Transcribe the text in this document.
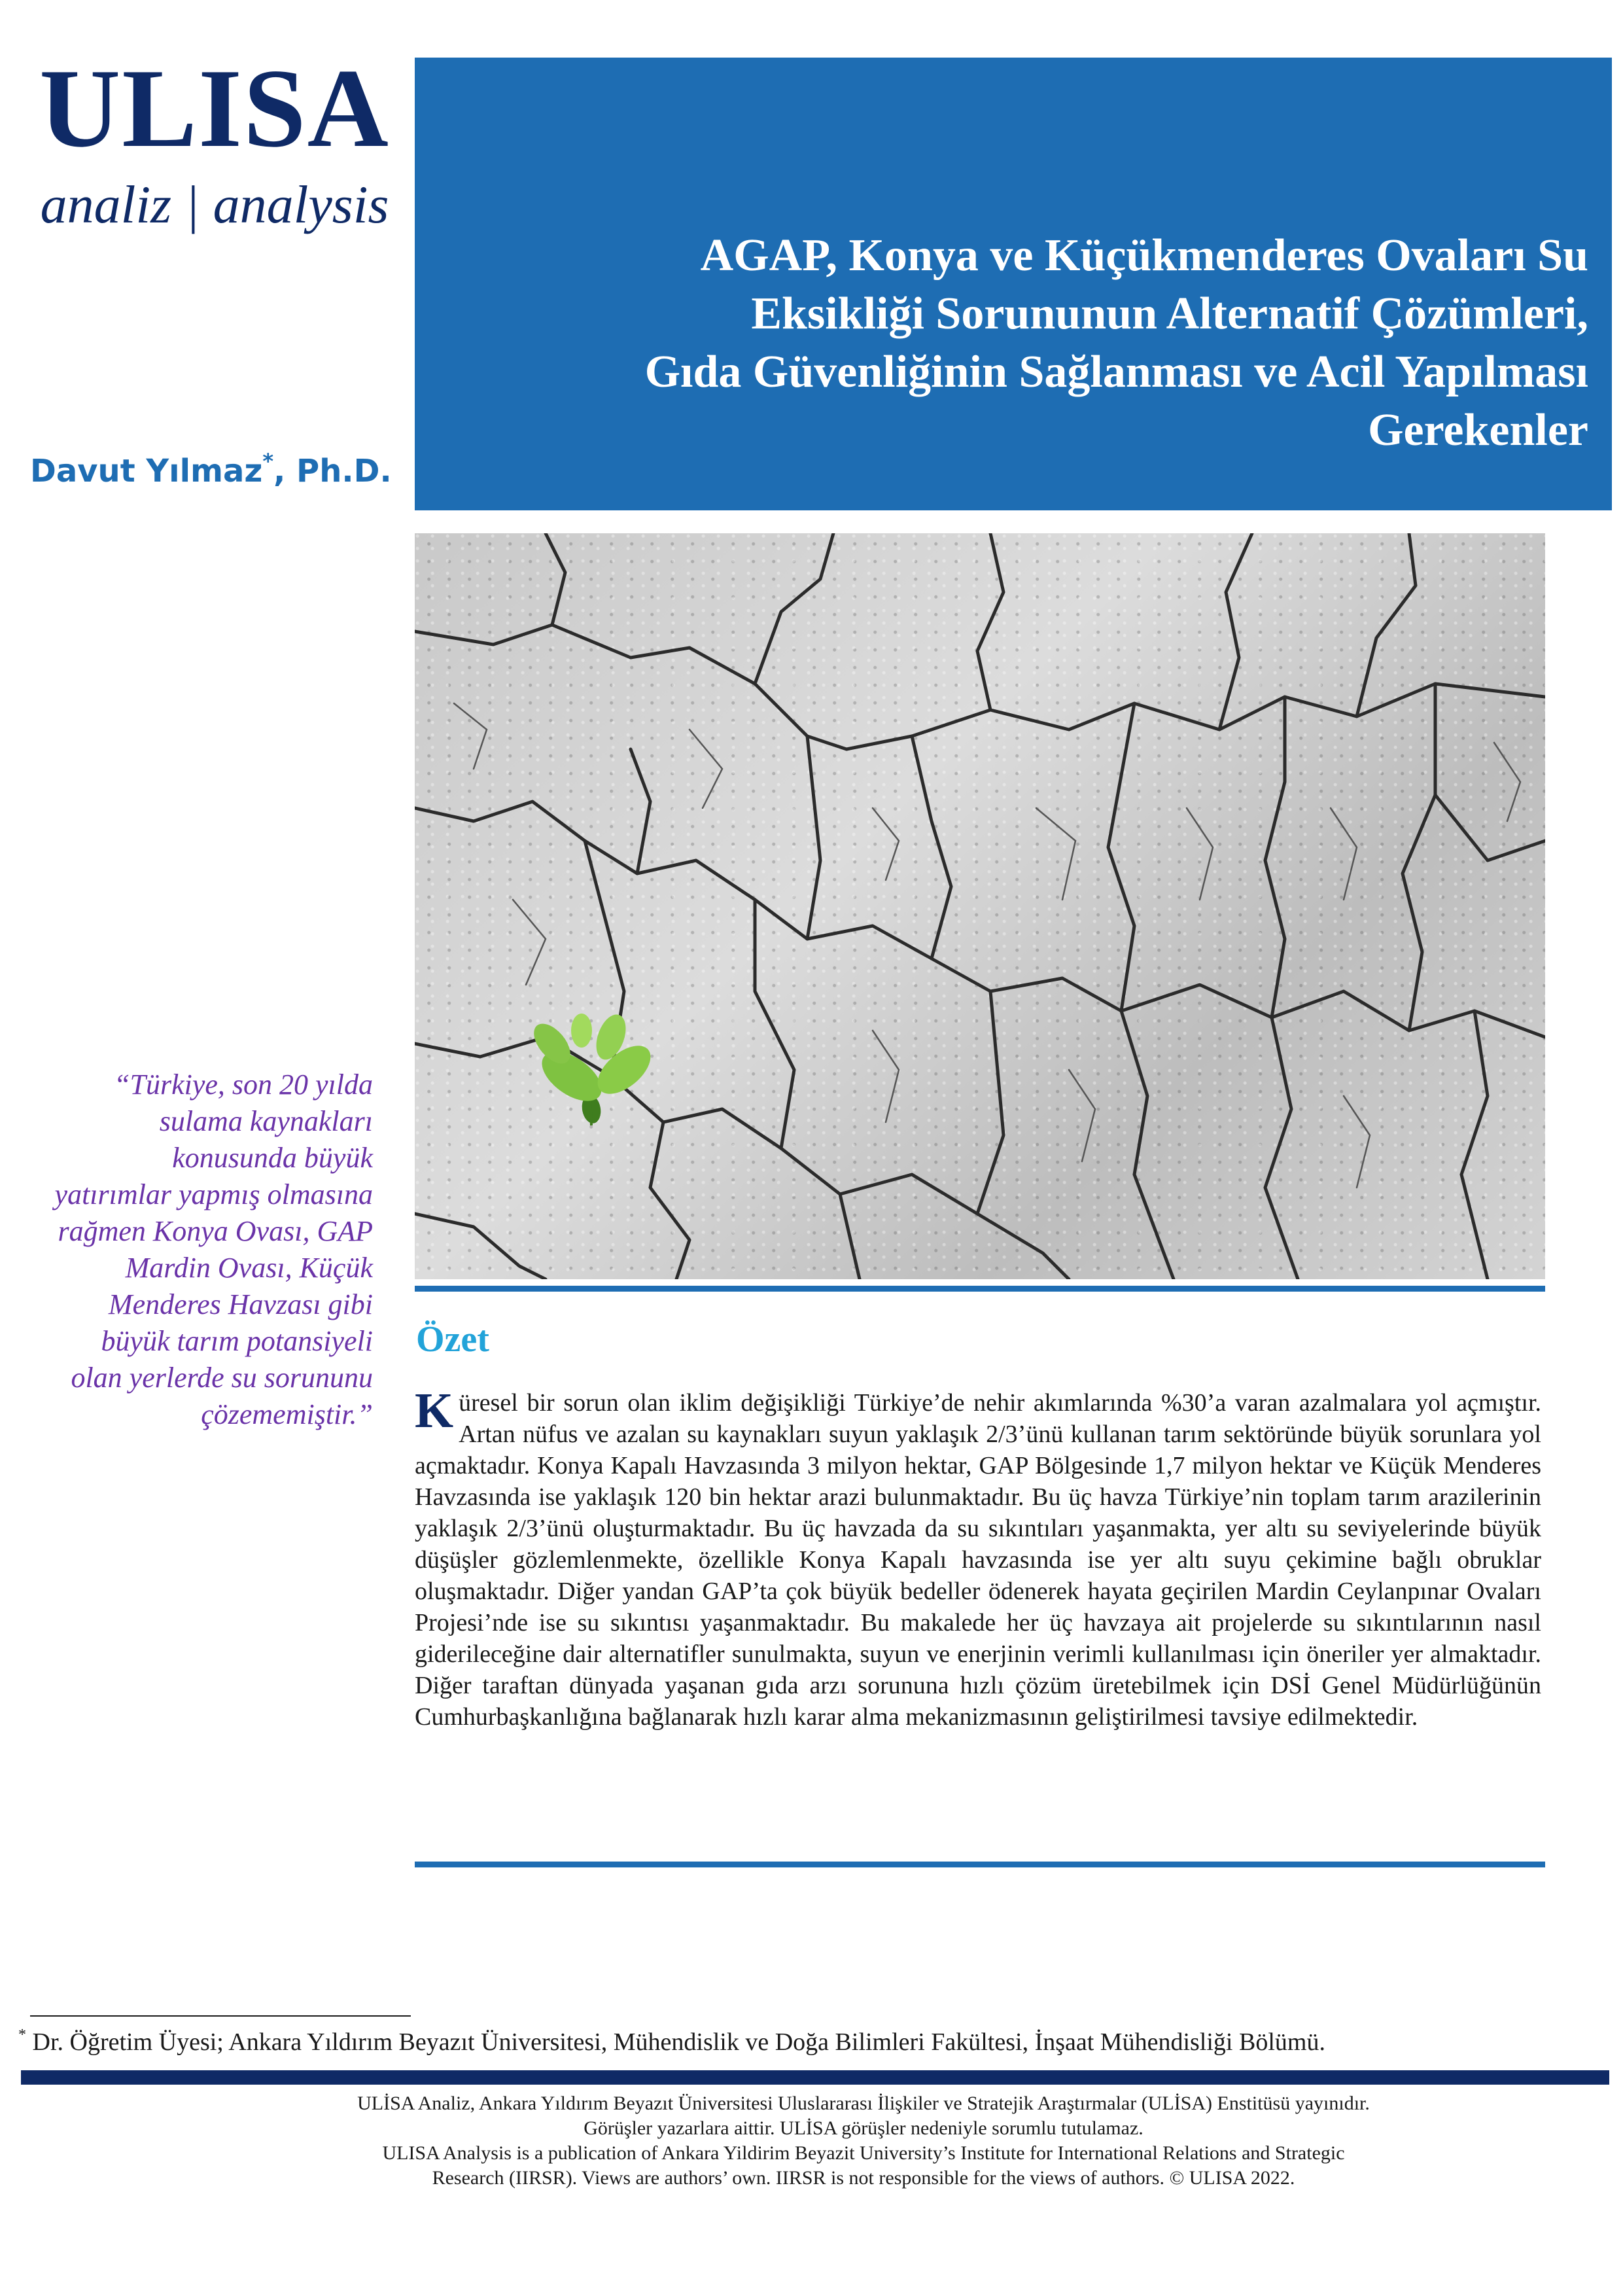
ULISA
analiz | analysis
AGAP, Konya ve Küçükmenderes Ovaları Su
Eksikliği Sorununun Alternatif Çözümleri,
Gıda Güvenliğinin Sağlanması ve Acil Yapılması
Gerekenler
Davut Yılmaz*, Ph.D.
“Türkiye, son 20 yılda sulama kaynakları konusunda büyük yatırımlar yapmış olmasına rağmen Konya Ovası, GAP Mardin Ovası, Küçük Menderes Havzası gibi büyük tarım potansiyeli olan yerlerde su sorununu çözememiştir.”
Özet
Küresel bir sorun olan iklim değişikliği Türkiye’de nehir akımlarında %30’a varan azalmalara yol açmıştır. Artan nüfus ve azalan su kaynakları suyun yaklaşık 2/3’ünü kullanan tarım sektöründe büyük sorunlara yol açmaktadır. Konya Kapalı Havzasında 3 milyon hektar, GAP Bölgesinde 1,7 milyon hektar ve Küçük Menderes Havzasında ise yaklaşık 120 bin hektar arazi bulunmaktadır. Bu üç havza Türkiye’nin toplam tarım arazilerinin yaklaşık 2/3’ünü oluşturmaktadır. Bu üç havzada da su sıkıntıları yaşanmakta, yer altı su seviyelerinde büyük düşüşler gözlemlenmekte, özellikle Konya Kapalı havzasında ise yer altı suyu çekimine bağlı obruklar oluşmaktadır. Diğer yandan GAP’ta çok büyük bedeller ödenerek hayata geçirilen Mardin Ceylanpınar Ovaları Projesi’nde ise su sıkıntısı yaşanmaktadır. Bu makalede her üç havzaya ait projelerde su sıkıntılarının nasıl giderileceğine dair alternatifler sunulmakta, suyun ve enerjinin verimli kullanılması için öneriler yer almaktadır. Diğer taraftan dünyada yaşanan gıda arzı sorununa hızlı çözüm üretebilmek için DSİ Genel Müdürlüğünün Cumhurbaşkanlığına bağlanarak hızlı karar alma mekanizmasının geliştirilmesi tavsiye edilmektedir.
* Dr. Öğretim Üyesi; Ankara Yıldırım Beyazıt Üniversitesi, Mühendislik ve Doğa Bilimleri Fakültesi, İnşaat Mühendisliği Bölümü.
ULİSA Analiz, Ankara Yıldırım Beyazıt Üniversitesi Uluslararası İlişkiler ve Stratejik Araştırmalar (ULİSA) Enstitüsü yayınıdır.
Görüşler yazarlara aittir. ULİSA görüşler nedeniyle sorumlu tutulamaz.
ULISA Analysis is a publication of Ankara Yildirim Beyazit University’s Institute for International Relations and Strategic
Research (IIRSR). Views are authors’ own. IIRSR is not responsible for the views of authors. © ULISA 2022.
